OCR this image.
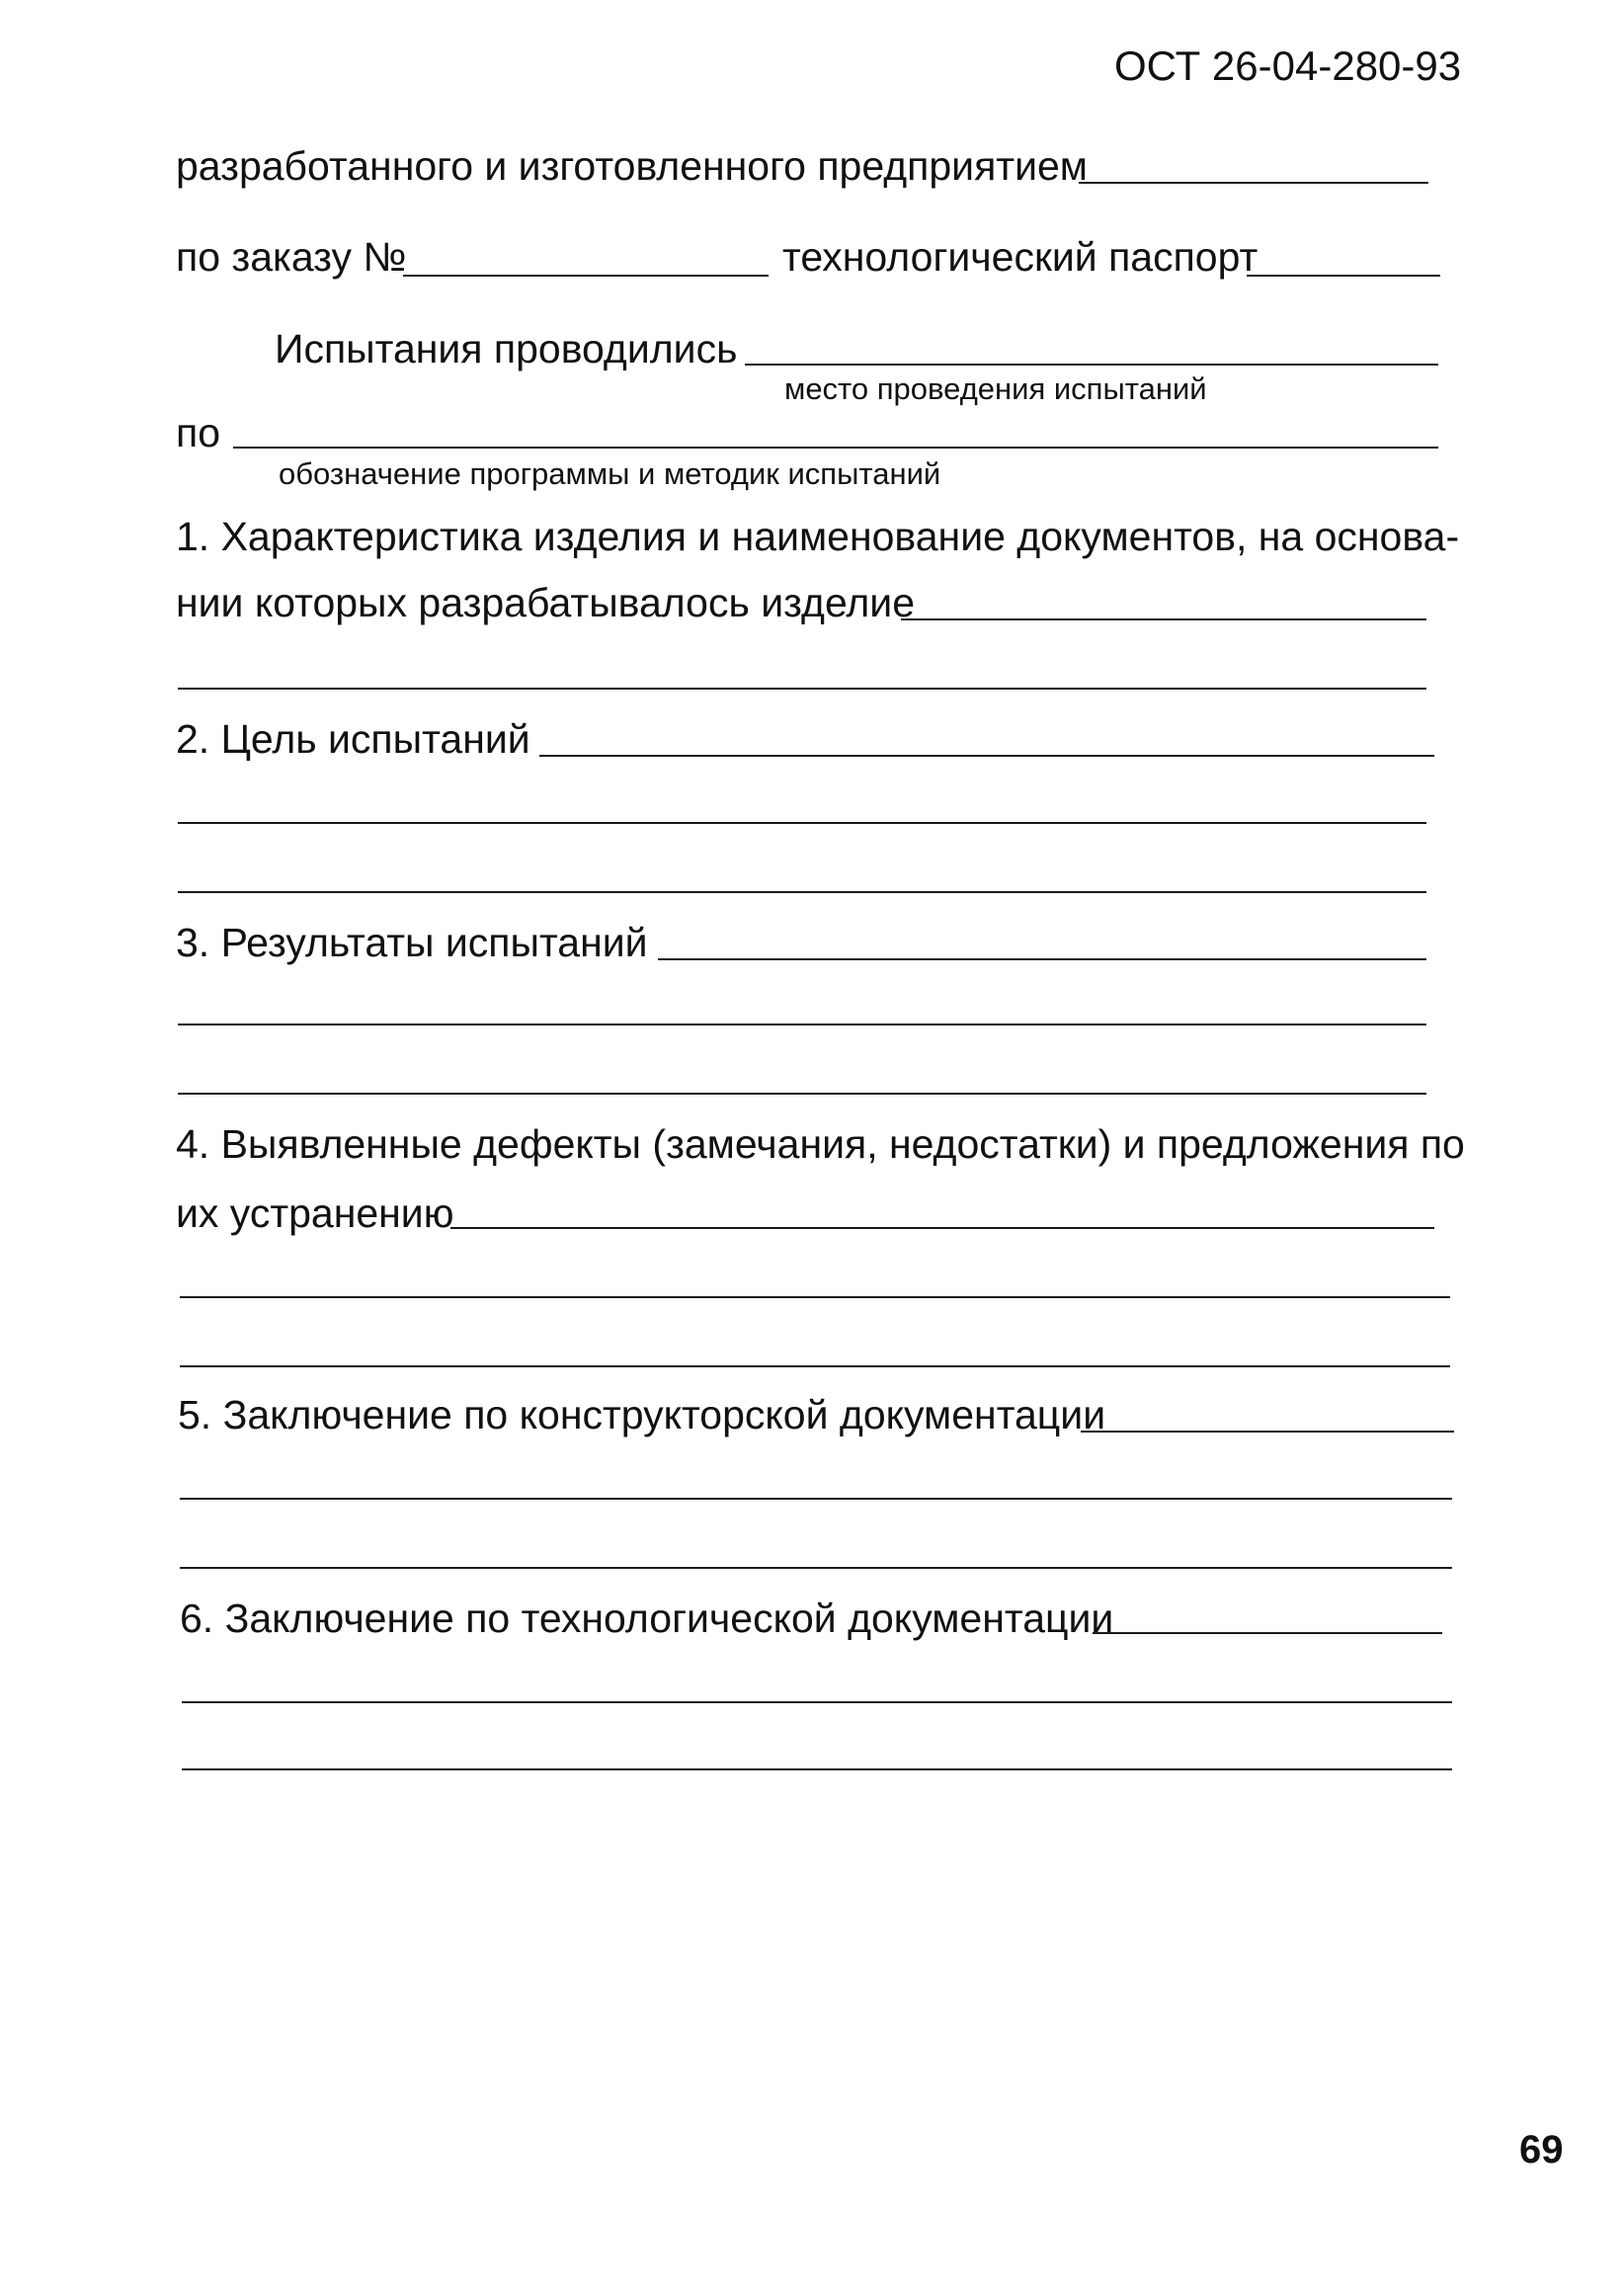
ОСТ 26-04-280-93
разработанного и изготовленного предприятием
по заказу №	технологический паспорт
Испытания проводились
место проведения испытаний
по
обозначение программы и методик испытаний
1. Характеристика изделия и наименование документов, на основа-
нии которых разрабатывалось изделие
2. Цель испытаний
3. Результаты испытаний
4. Выявленные дефекты (замечания, недостатки) и предложения по
их устранению
5. Заключение по конструкторской документации
6. Заключение по технологической документации
69
